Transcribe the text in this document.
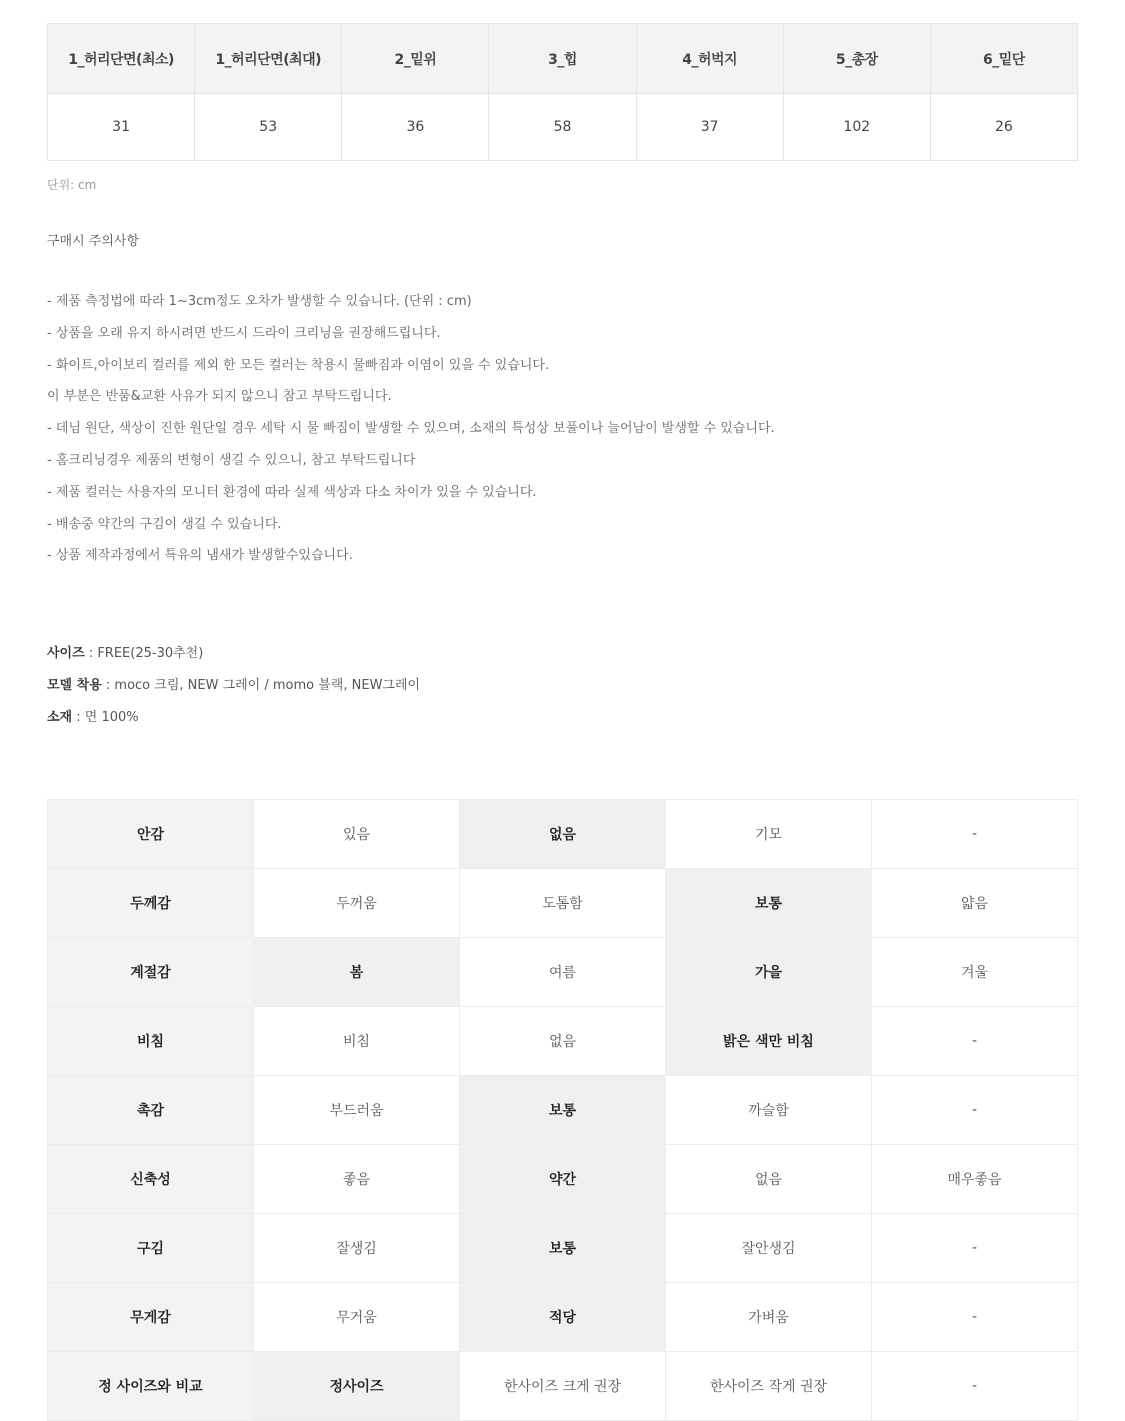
1_허리단면(최소)	1_허리단면(최대)	2_밑위	3_힙	4_허벅지	5_총장	6_밑단
31	53	36	58	37	102	26
단위: cm
구매시 주의사항
- 제품 측정법에 따라 1~3cm정도 오차가 발생할 수 있습니다. (단위 : cm)
- 상품을 오래 유지 하시려면 반드시 드라이 크리닝을 권장해드립니다.
- 화이트,아이보리 컬러를 제외 한 모든 컬러는 착용시 물빠짐과 이염이 있을 수 있습니다.
이 부분은 반품&교환 사유가 되지 않으니 참고 부탁드립니다.
- 데님 원단, 색상이 진한 원단일 경우 세탁 시 물 빠짐이 발생할 수 있으며, 소재의 특성상 보풀이나 늘어남이 발생할 수 있습니다.
- 홈크리닝경우 제품의 변형이 생길 수 있으니, 참고 부탁드립니다
- 제품 컬러는 사용자의 모니터 환경에 따라 실제 색상과 다소 차이가 있을 수 있습니다.
- 배송중 약간의 구김이 생길 수 있습니다.
- 상품 제작과정에서 특유의 냄새가 발생할수있습니다.
사이즈 : FREE(25-30추천)
모델 착용 : moco 크림, NEW 그레이 / momo 블랙, NEW그레이
소재 : 면 100%
안감	있음	없음	기모	-
두께감	두꺼움	도톰함	보통	얇음
계절감	봄	여름	가을	겨울
비침	비침	없음	밝은 색만 비침	-
촉감	부드러움	보통	까슬함	-
신축성	좋음	약간	없음	매우좋음
구김	잘생김	보통	잘안생김	-
무게감	무거움	적당	가벼움	-
정 사이즈와 비교	정사이즈	한사이즈 크게 권장	한사이즈 작게 권장	-
